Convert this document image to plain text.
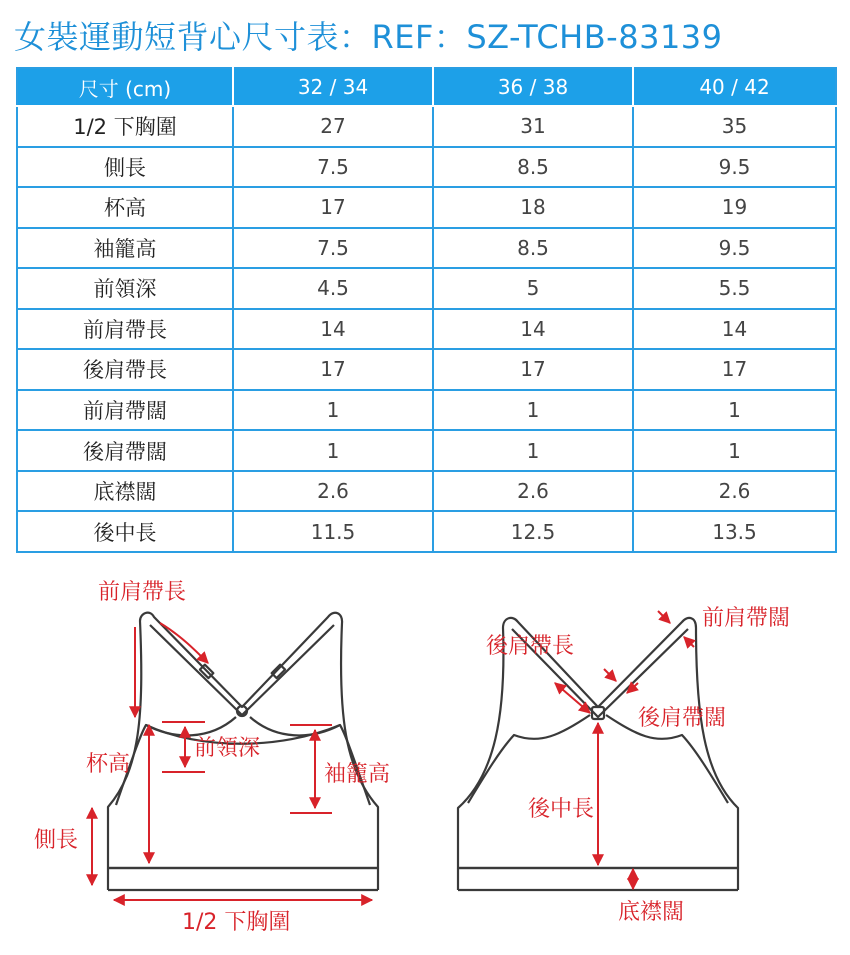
女裝運動短背心尺寸表：REF：SZ-TCHB-83139
尺寸 (cm)	32 / 34	36 / 38	40 / 42
1/2 下胸圍	27	31	35
側長	7.5	8.5	9.5
杯高	17	18	19
袖籠高	7.5	8.5	9.5
前領深	4.5	5	5.5
前肩帶長	14	14	14
後肩帶長	17	17	17
前肩帶闊	1	1	1
後肩帶闊	1	1	1
底襟闊	2.6	2.6	2.6
後中長	11.5	12.5	13.5
前肩帶長
杯高
前領深
袖籠高
側長
1/2 下胸圍
後肩帶長
前肩帶闊
後肩帶闊
後中長
底襟闊
